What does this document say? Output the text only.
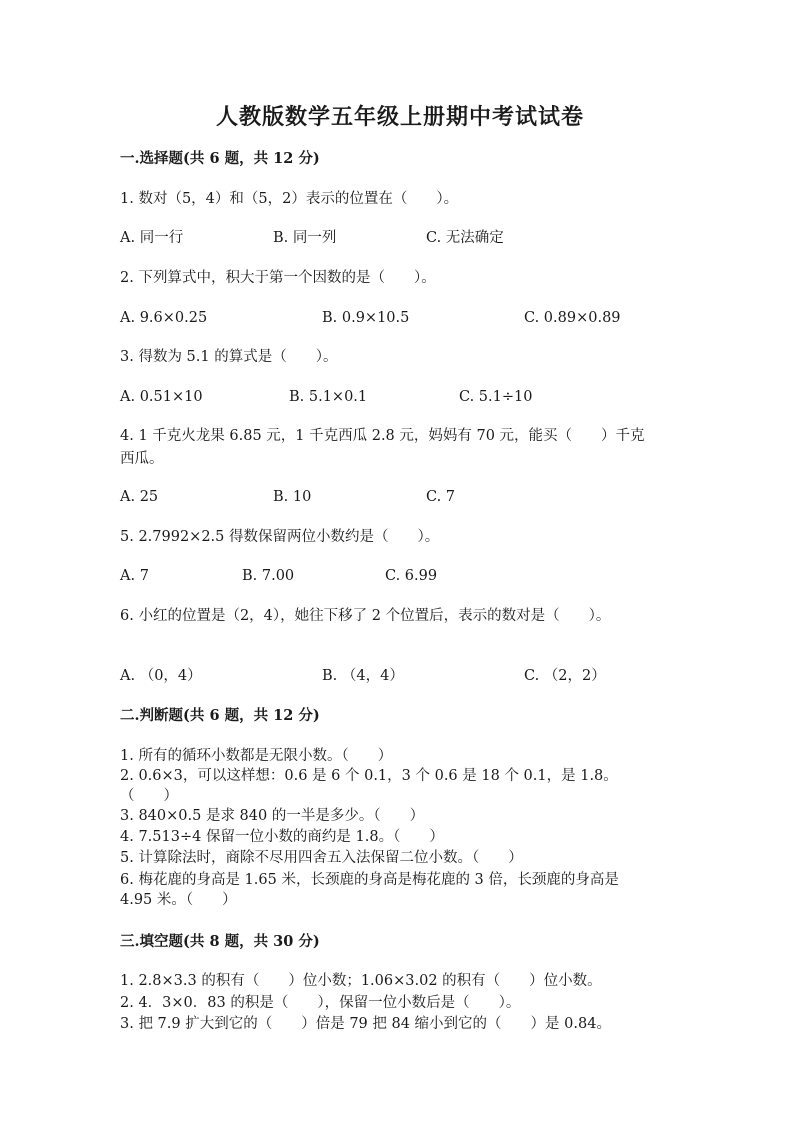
人教版数学五年级上册期中考试试卷
一.选择题(共 6 题，共 12 分)
1. 数对（5，4）和（5，2）表示的位置在（　　）。
A. 同一行	B. 同一列	C. 无法确定
2. 下列算式中，积大于第一个因数的是（　　）。
A. 9.6×0.25	B. 0.9×10.5	C. 0.89×0.89
3. 得数为 5.1 的算式是（　　）。
A. 0.51×10	B. 5.1×0.1	C. 5.1÷10
4. 1 千克火龙果 6.85 元，1 千克西瓜 2.8 元，妈妈有 70 元，能买（　　）千克
西瓜。
A. 25	B. 10	C. 7
5. 2.7992×2.5 得数保留两位小数约是（　　）。
A. 7	B. 7.00	C. 6.99
6. 小红的位置是（2，4），她往下移了 2 个位置后，表示的数对是（　　）。
A. （0，4）	B. （4，4）	C. （2，2）
二.判断题(共 6 题，共 12 分)
1. 所有的循环小数都是无限小数。（　　）
2. 0.6×3，可以这样想：0.6 是 6 个 0.1，3 个 0.6 是 18 个 0.1，是 1.8。
（　　）
3. 840×0.5 是求 840 的一半是多少。（　　）
4. 7.513÷4 保留一位小数的商约是 1.8。（　　）
5. 计算除法时，商除不尽用四舍五入法保留二位小数。（　　）
6. 梅花鹿的身高是 1.65 米，长颈鹿的身高是梅花鹿的 3 倍，长颈鹿的身高是
4.95 米。（　　）
三.填空题(共 8 题，共 30 分)
1. 2.8×3.3 的积有（　　）位小数；1.06×3.02 的积有（　　）位小数。
2. 4．3×0．83 的积是（　　），保留一位小数后是（　　）。
3. 把 7.9 扩大到它的（　　）倍是 79 把 84 缩小到它的（　　）是 0.84。
